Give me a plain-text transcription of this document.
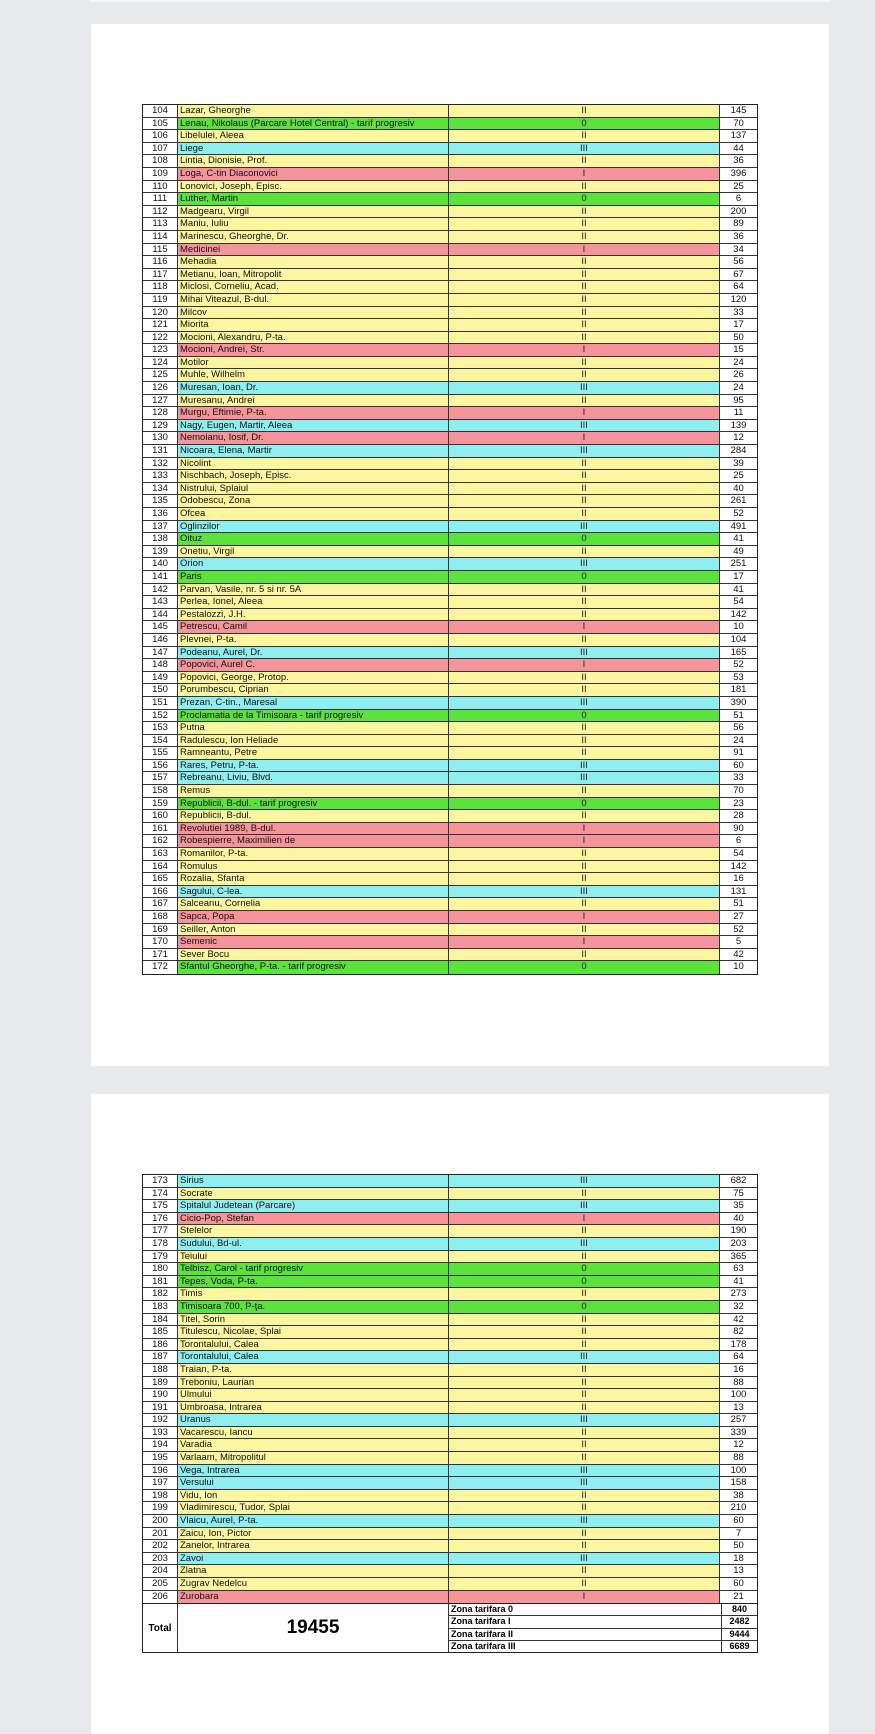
104	Lazar, Gheorghe	II	145
105	Lenau, Nikolaus (Parcare Hotel Central) - tarif progresiv	0	70
106	Libelulei, Aleea	II	137
107	Liege	III	44
108	Lintia, Dionisie, Prof.	II	36
109	Loga, C-tin Diaconovici	I	396
110	Lonovici, Joseph, Episc.	II	25
111	Luther, Martin	0	6
112	Madgearu, Virgil	II	200
113	Maniu, Iuliu	II	89
114	Marinescu, Gheorghe, Dr.	II	36
115	Medicinei	I	34
116	Mehadia	II	56
117	Metianu, Ioan, Mitropolit	II	67
118	Miclosi, Corneliu, Acad.	II	64
119	Mihai Viteazul, B-dul.	II	120
120	Milcov	II	33
121	Miorita	II	17
122	Mocioni, Alexandru, P-ta.	II	50
123	Mocioni, Andrei, Str.	I	15
124	Motilor	II	24
125	Muhle, Wilhelm	II	26
126	Muresan, Ioan, Dr.	III	24
127	Muresanu, Andrei	II	95
128	Murgu, Eftimie, P-ta.	I	11
129	Nagy, Eugen, Martir, Aleea	III	139
130	Nemoianu, Iosif, Dr.	I	12
131	Nicoara, Elena, Martir	III	284
132	Nicolint	II	39
133	Nischbach, Joseph, Episc.	II	25
134	Nistrului, Splaiul	II	40
135	Odobescu, Zona	II	261
136	Ofcea	II	52
137	Oglinzilor	III	491
138	Oituz	0	41
139	Onetiu, Virgil	II	49
140	Orion	III	251
141	Paris	0	17
142	Parvan, Vasile, nr. 5 si nr. 5A	II	41
143	Perlea, Ionel, Aleea	II	54
144	Pestalozzi, J.H.	II	142
145	Petrescu, Camil	I	10
146	Plevnei, P-ta.	II	104
147	Podeanu, Aurel, Dr.	III	165
148	Popovici, Aurel C.	I	52
149	Popovici, George, Protop.	II	53
150	Porumbescu, Ciprian	II	181
151	Prezan, C-tin., Maresal	III	390
152	Proclamatia de la Timisoara - tarif progresiv	0	51
153	Putna	II	56
154	Radulescu, Ion Heliade	II	24
155	Ramneantu, Petre	II	91
156	Rares, Petru, P-ta.	III	60
157	Rebreanu, Liviu, Blvd.	III	33
158	Remus	II	70
159	Republicii, B-dul. - tarif progresiv	0	23
160	Republicii, B-dul.	II	28
161	Revolutiei 1989, B-dul.	I	90
162	Robespierre, Maximilien de	I	6
163	Romanilor, P-ta.	II	54
164	Romulus	II	142
165	Rozalia, Sfanta	II	16
166	Sagului, C-lea.	III	131
167	Salceanu, Cornelia	II	51
168	Sapca, Popa	I	27
169	Seiller, Anton	II	52
170	Semenic	I	5
171	Sever Bocu	II	42
172	Sfantul Gheorghe, P-ta. - tarif progresiv	0	10
173	Sirius	III	682
174	Socrate	II	75
175	Spitalul Judetean (Parcare)	III	35
176	Cicio-Pop, Stefan	I	40
177	Stelelor	II	190
178	Sudului, Bd-ul.	III	203
179	Teiului	II	365
180	Telbisz, Carol - tarif progresiv	0	63
181	Tepes, Voda, P-ta.	0	41
182	Timis	II	273
183	Timisoara 700, P-ţa.	0	32
184	Titel, Sorin	II	42
185	Titulescu, Nicolae, Splai	II	82
186	Torontalului, Calea	II	178
187	Torontalului, Calea	III	64
188	Traian, P-ta.	II	16
189	Treboniu, Laurian	II	88
190	Ulmului	II	100
191	Umbroasa, Intrarea	II	13
192	Uranus	III	257
193	Vacarescu, Iancu	II	339
194	Varadia	II	12
195	Varlaam, Mitropolitul	II	88
196	Vega, Intrarea	III	100
197	Versului	III	158
198	Vidu, Ion	II	38
199	Vladimirescu, Tudor, Splai	II	210
200	Vlaicu, Aurel, P-ta.	III	60
201	Zaicu, Ion, Pictor	II	7
202	Zanelor, Intrarea	II	50
203	Zavoi	III	18
204	Zlatna	II	13
205	Zugrav Nedelcu	II	60
206	Zurobara	I	21
Total	19455
Zona tarifara 0	840
Zona tarifara I	2482
Zona tarifara II	9444
Zona tarifara III	6689
